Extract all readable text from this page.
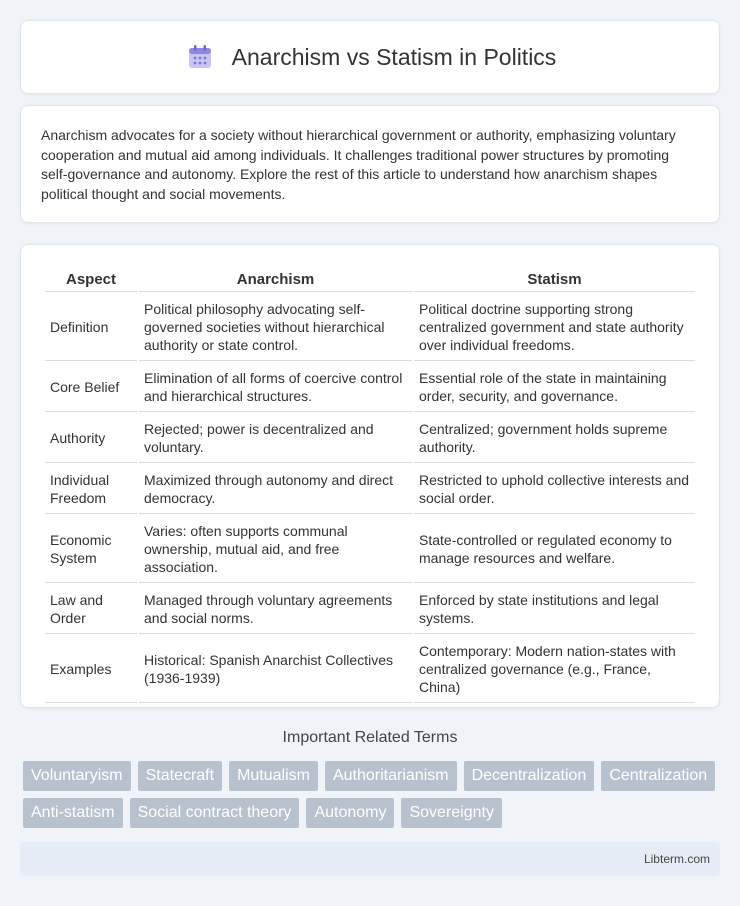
Anarchism vs Statism in Politics

Anarchism advocates for a society without hierarchical government or authority, emphasizing voluntary cooperation and mutual aid among individuals. It challenges traditional power structures by promoting self-governance and autonomy. Explore the rest of this article to understand how anarchism shapes political thought and social movements.

Aspect	Anarchism	Statism
Definition	Political philosophy advocating self-governed societies without hierarchical authority or state control.	Political doctrine supporting strong centralized government and state authority over individual freedoms.
Core Belief	Elimination of all forms of coercive control and hierarchical structures.	Essential role of the state in maintaining order, security, and governance.
Authority	Rejected; power is decentralized and voluntary.	Centralized; government holds supreme authority.
Individual Freedom	Maximized through autonomy and direct democracy.	Restricted to uphold collective interests and social order.
Economic System	Varies: often supports communal ownership, mutual aid, and free association.	State-controlled or regulated economy to manage resources and welfare.
Law and Order	Managed through voluntary agreements and social norms.	Enforced by state institutions and legal systems.
Examples	Historical: Spanish Anarchist Collectives (1936-1939)	Contemporary: Modern nation-states with centralized governance (e.g., France, China)
Important Related Terms
Voluntaryism	Statecraft	Mutualism	Authoritarianism	Decentralization	Centralization
Anti-statism	Social contract theory	Autonomy	Sovereignty
Libterm.com
